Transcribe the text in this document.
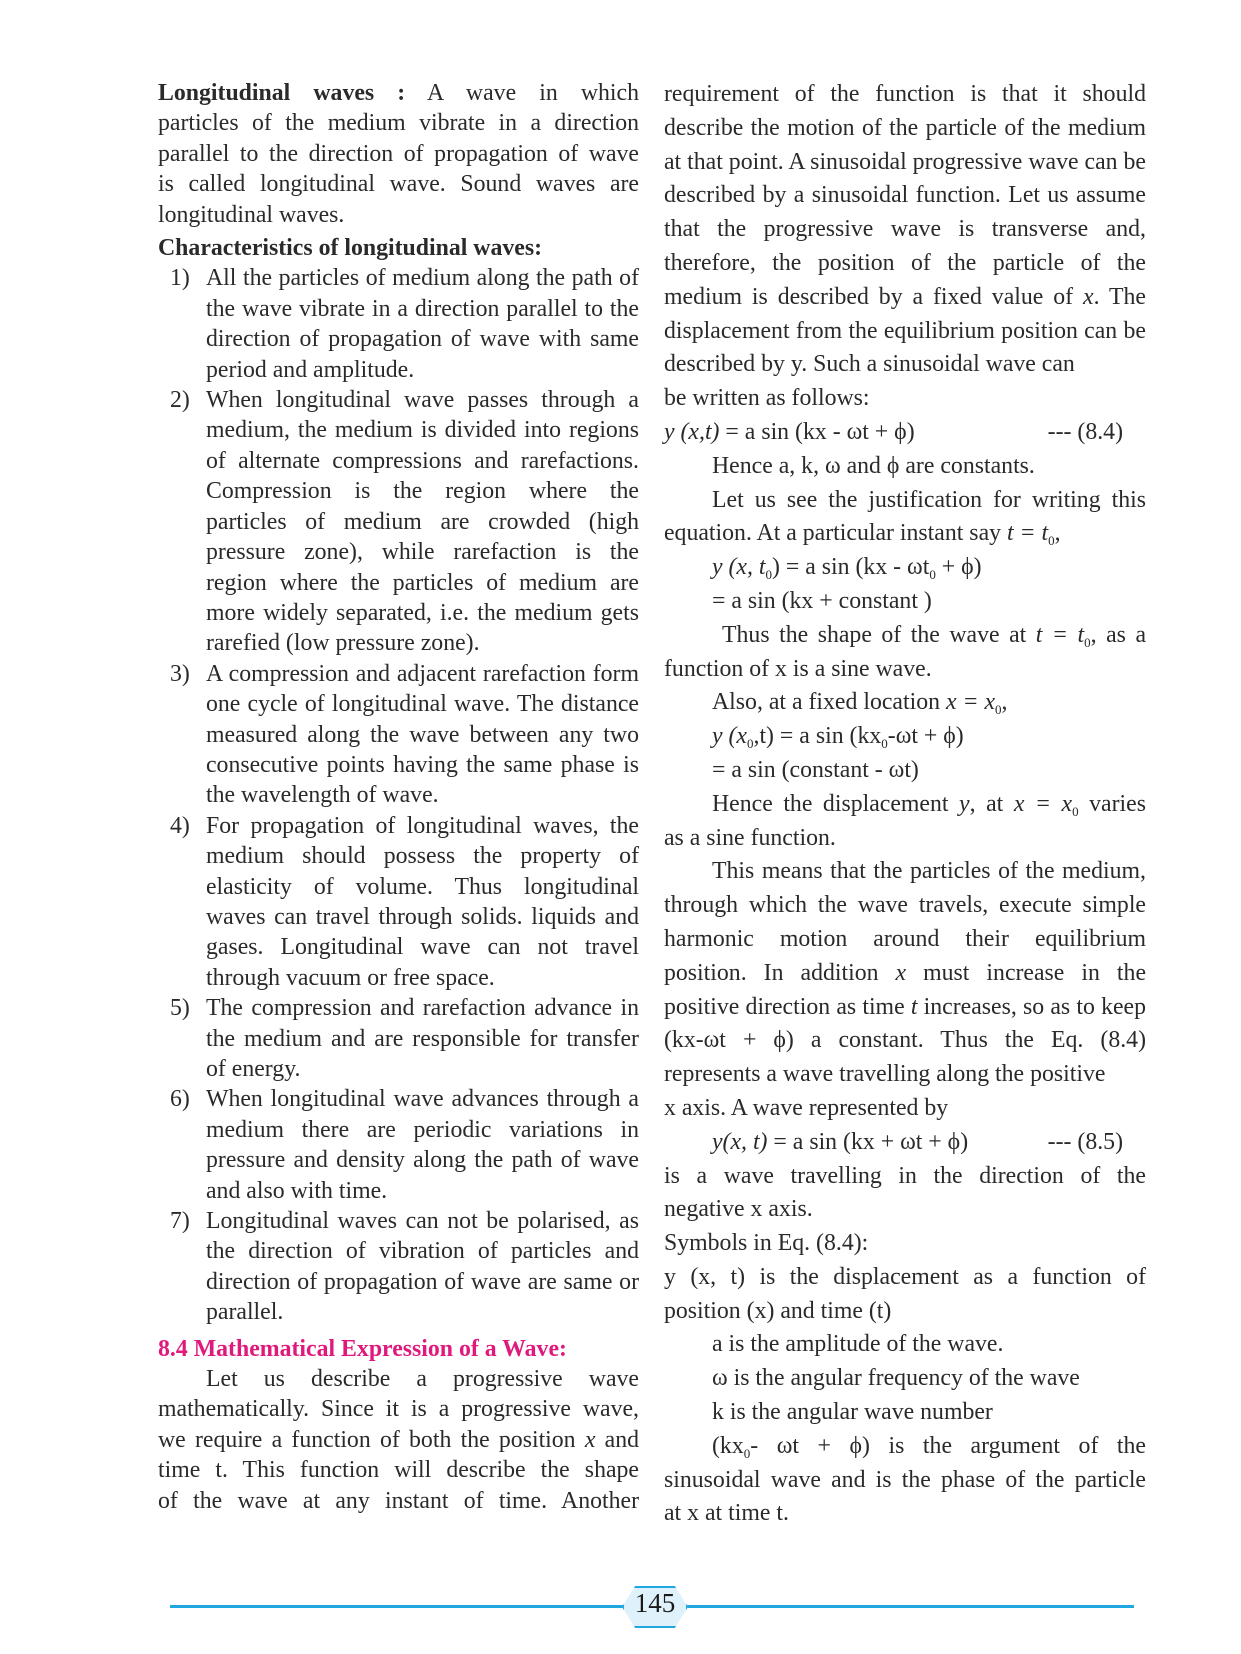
Longitudinal waves : A wave in which

particles of the medium vibrate in a direction

parallel to the direction of propagation of wave

is called longitudinal wave. Sound waves are

longitudinal waves.

Characteristics of longitudinal waves:

1) All the particles of medium along the path of the wave vibrate in a direction parallel to the direction of propagation of wave with same period and amplitude.
2) When longitudinal wave passes through a medium, the medium is divided into regions of alternate compressions and rarefactions. Compression is the region where the particles of medium are crowded (high pressure zone), while rarefaction is the region where the particles of medium are more widely separated, i.e. the medium gets rarefied (low pressure zone).
3) A compression and adjacent rarefaction form one cycle of longitudinal wave. The distance measured along the wave between any two consecutive points having the same phase is the wavelength of wave.
4) For propagation of longitudinal waves, the medium should possess the property of elasticity of volume. Thus longitudinal waves can travel through solids. liquids and gases. Longitudinal wave can not travel through vacuum or free space.
5) The compression and rarefaction advance in the medium and are responsible for transfer of energy.
6) When longitudinal wave advances through a medium there are periodic variations in pressure and density along the path of wave and also with time.
7) Longitudinal waves can not be polarised, as the direction of vibration of particles and direction of propagation of wave are same or parallel.

8.4 Mathematical Expression of a Wave:

Let us describe a progressive wave

mathematically. Since it is a progressive wave,

we require a function of both the position x and

time t. This function will describe the shape

of the wave at any instant of time. Another

requirement of the function is that it should describe the motion of the particle of the medium at that point. A sinusoidal progressive wave can be described by a sinusoidal function. Let us assume that the progressive wave is transverse and, therefore, the position of the particle of the medium is described by a fixed value of x. The displacement from the equilibrium position can be described by y. Such a sinusoidal wave can

be written as follows:

y (x,t) = a sin (kx - ωt + ϕ)	--- (8.4)

Hence a, k, ω and ϕ are constants.

Let us see the justification for writing this

equation. At a particular instant say $t = t_0$,

y (x, $t_0) = a$ $\sin (kx - \omega t_0 + \phi)$

= a sin (kx + constant )

Thus the shape of the wave at $t = t_0$, as a

function of x is a sine wave.

Also, at a fixed location $x = x_0$,

y $(x_0,t) = a$ $\sin (kx_0-\omega t + \phi)$

= a sin (constant - ωt)

Hence the displacement y, at $x = x_0$ varies

as a sine function.

This means that the particles of the medium, through which the wave travels, execute simple harmonic motion around their equilibrium position. In addition x must increase in the positive direction as time t increases, so as to keep (kx-ωt + ϕ) a constant. Thus the Eq. (8.4) represents a wave travelling along the positive

x axis. A wave represented by

y(x, t) = a sin (kx + ωt + ϕ)	--- (8.5)

is a wave travelling in the direction of the

negative x axis.

Symbols in Eq. (8.4):

y (x, t) is the displacement as a function of

position (x) and time (t)

a is the amplitude of the wave.

ω is the angular frequency of the wave

k is the angular wave number

($kx_0-$ ωt + ϕ) is the argument of the

sinusoidal wave and is the phase of the particle

at x at time t.

145
